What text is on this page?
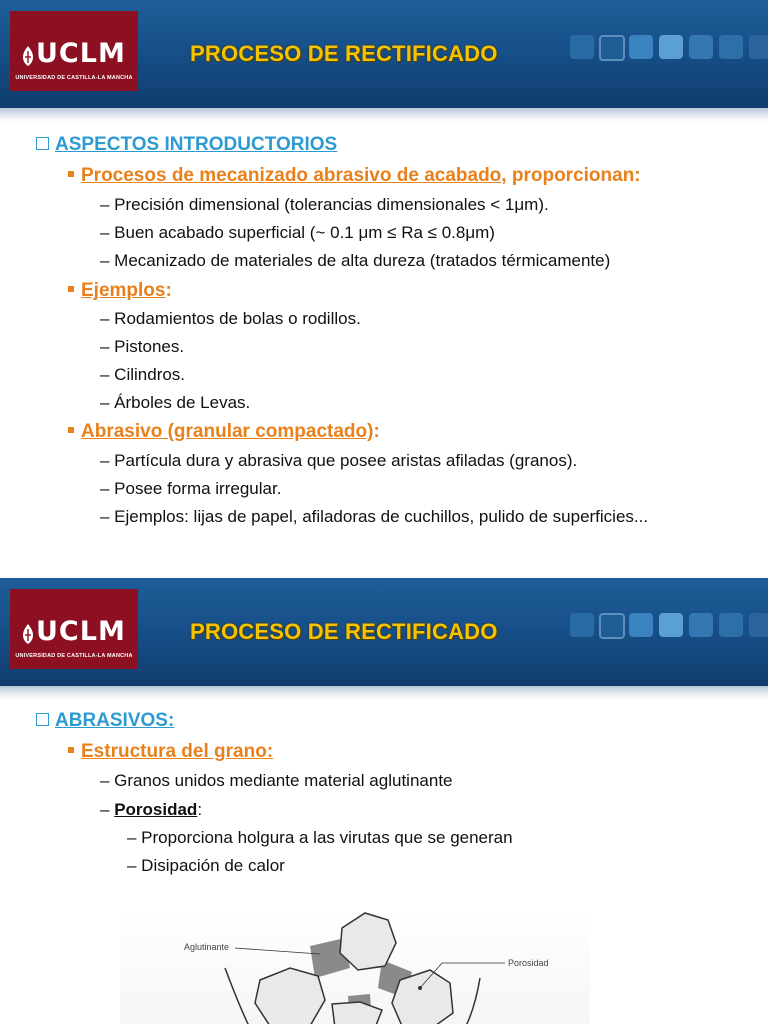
UCLM
UNIVERSIDAD DE CASTILLA-LA MANCHA
PROCESO DE RECTIFICADO
ASPECTOS INTRODUCTORIOS
Procesos de mecanizado abrasivo de acabado, proporcionan:
– Precisión dimensional (tolerancias dimensionales < 1μm).
– Buen acabado superficial (~ 0.1 μm ≤ Ra ≤ 0.8μm)
– Mecanizado de materiales de alta dureza (tratados térmicamente)
Ejemplos:
– Rodamientos de bolas o rodillos.
– Pistones.
– Cilindros.
– Árboles de Levas.
Abrasivo (granular compactado):
– Partícula dura y abrasiva que posee aristas afiladas (granos).
– Posee forma irregular.
– Ejemplos: lijas de papel, afiladoras de cuchillos, pulido de superficies...
UCLM
UNIVERSIDAD DE CASTILLA-LA MANCHA
PROCESO DE RECTIFICADO
ABRASIVOS:
Estructura del grano:
– Granos unidos mediante material aglutinante
– Porosidad:
– Proporciona holgura a las virutas que se generan
– Disipación de calor
Aglutinante
Porosidad
